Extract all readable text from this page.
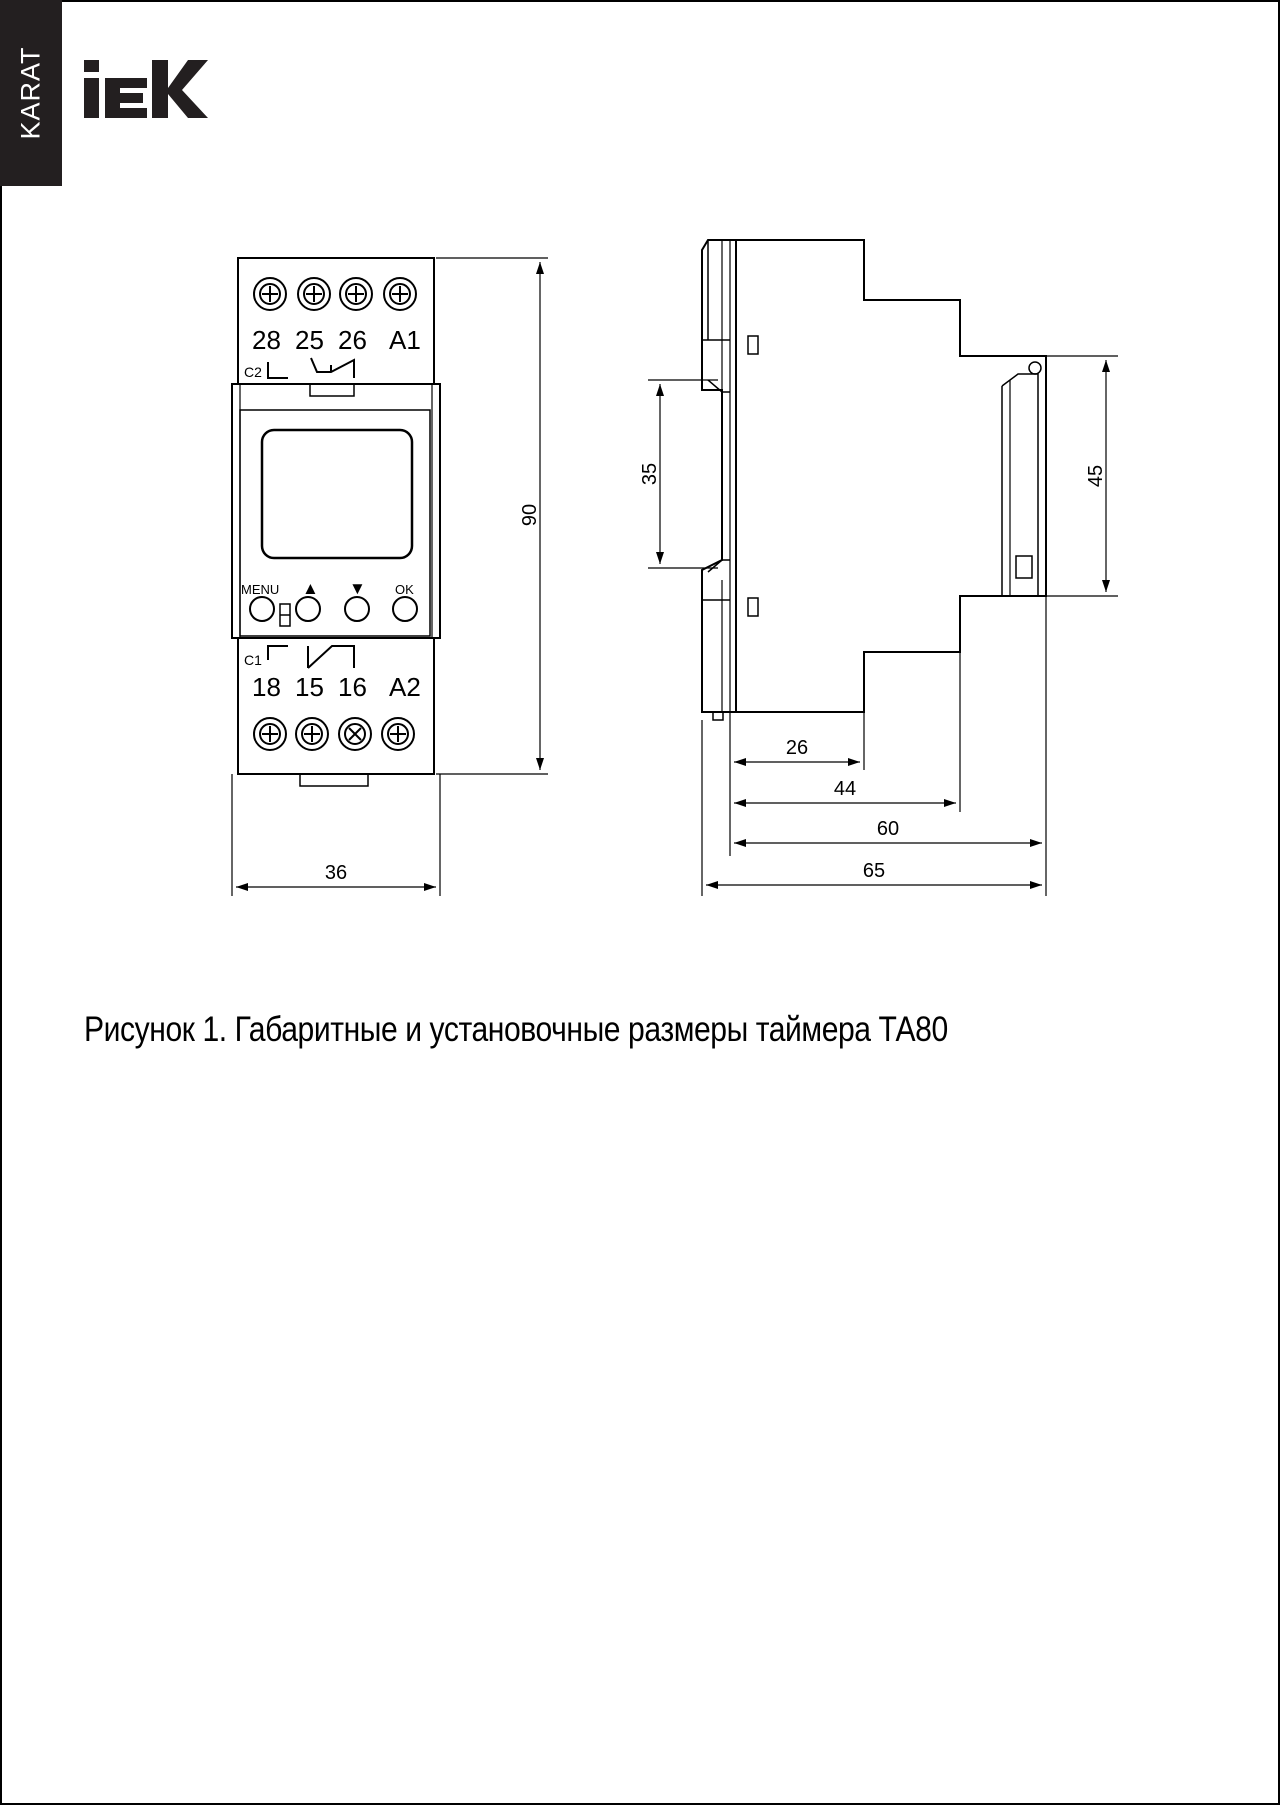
KARAT
28 25 26 A1
C2
MENU ▲ ▼ OK
C1
18 15 16 A2
90
36
35	45
26
44
60
65
Рисунок 1. Габаритные и установочные размеры таймера ТА80
